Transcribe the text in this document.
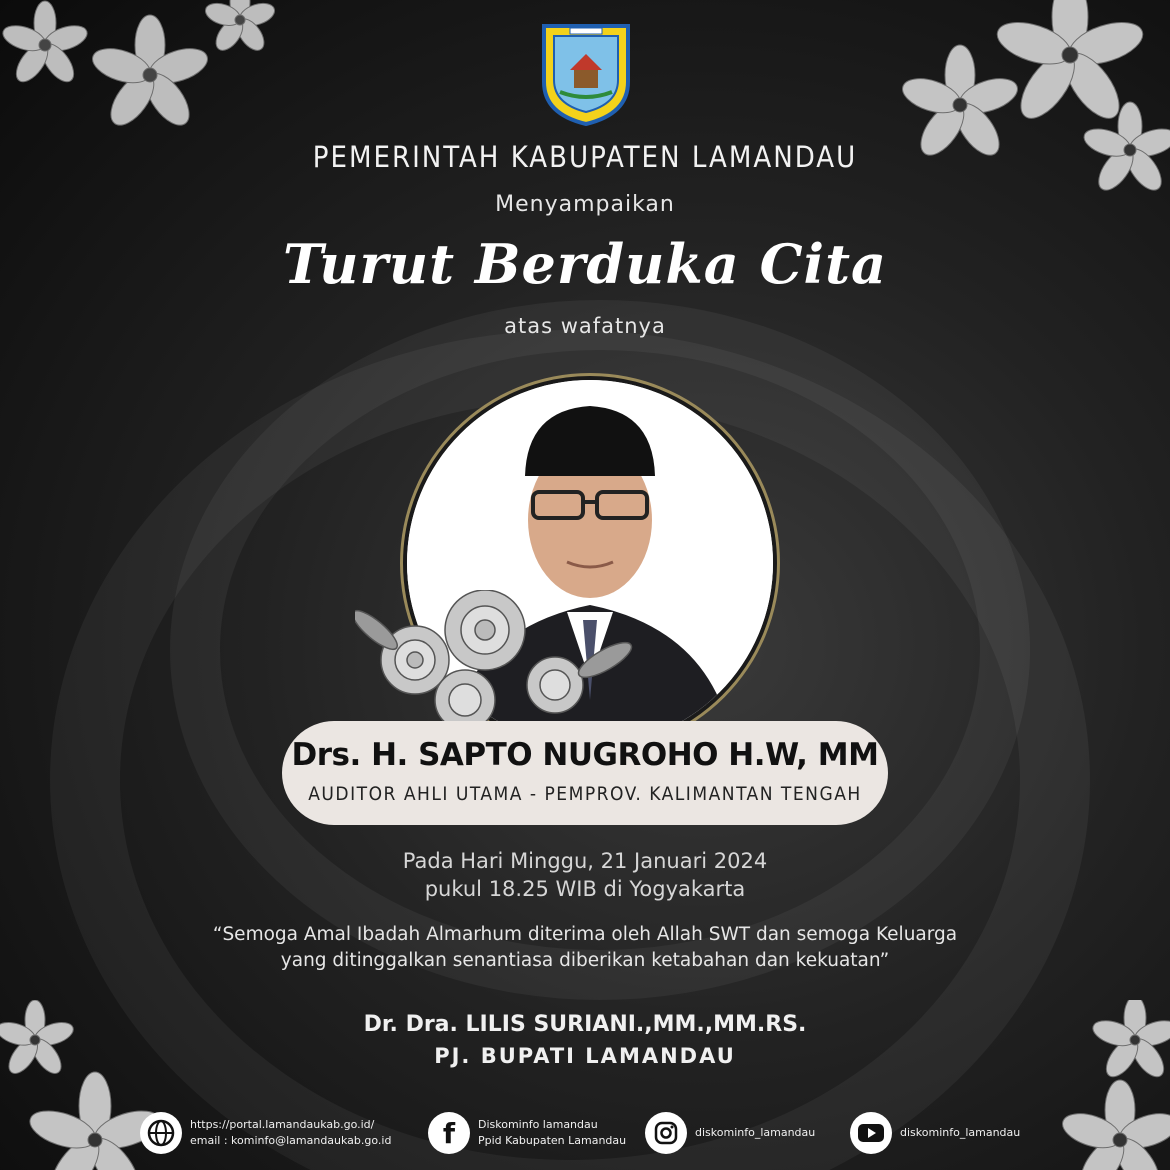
PEMERINTAH KABUPATEN LAMANDAU
Menyampaikan
Turut Berduka Cita
atas wafatnya
Drs. H. SAPTO NUGROHO H.W, MM
AUDITOR AHLI UTAMA - PEMPROV. KALIMANTAN TENGAH
Pada Hari Minggu, 21 Januari 2024
pukul 18.25 WIB di Yogyakarta
“Semoga Amal Ibadah Almarhum diterima oleh Allah SWT dan semoga Keluarga
yang ditinggalkan senantiasa diberikan ketabahan dan kekuatan”
Dr. Dra. LILIS SURIANI.,MM.,MM.RS.
PJ. BUPATI LAMANDAU
https://portal.lamandaukab.go.id/
email : kominfo@lamandaukab.go.id f Diskominfo lamandau
Ppid Kabupaten Lamandau
diskominfo_lamandau	diskominfo_lamandau
